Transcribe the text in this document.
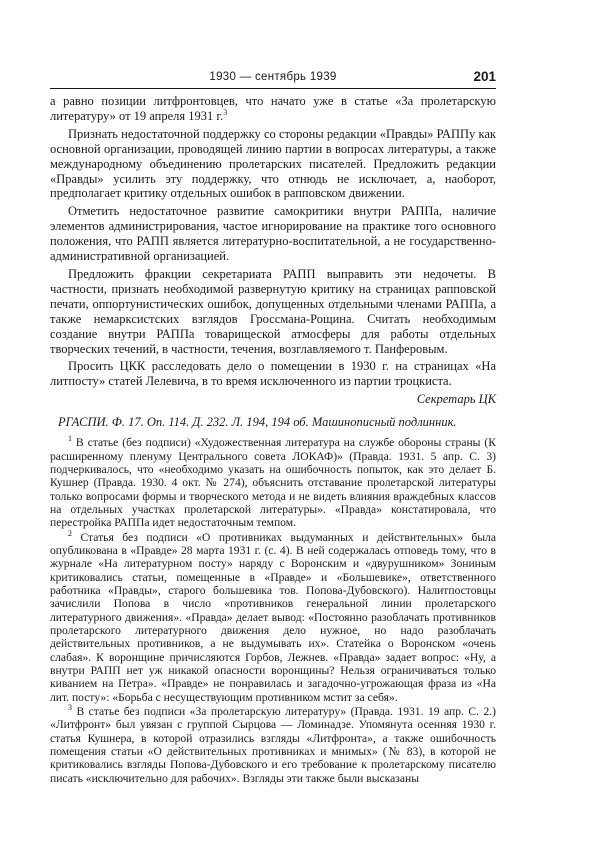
1930 — сентябрь 1939	201

а равно позиции литфронтовцев, что начато уже в статье «За пролетарскую литературу» от 19 апреля 1931 г.$^3$

Признать недостаточной поддержку со стороны редакции «Правды» РАППу как основной организации, проводящей линию партии в вопросах литературы, а также международному объединению пролетарских писателей. Предложить редакции «Правды» усилить эту поддержку, что отнюдь не исключает, а, наоборот, предполагает критику отдельных ошибок в рапповском движении.

Отметить недостаточное развитие самокритики внутри РАППа, наличие элементов администрирования, частое игнорирование на практике того основного положения, что РАПП является литературно-воспитательной, а не государственно-административной организацией.

Предложить фракции секретариата РАПП выправить эти недочеты. В частности, признать необходимой развернутую критику на страницах рапповской печати, оппортунистических ошибок, допущенных отдельными членами РАППа, а также немарксистских взглядов Гроссмана-Рощина. Считать необходимым создание внутри РАППа товарищеской атмосферы для работы отдельных творческих течений, в частности, течения, возглавляемого т. Панферовым.

Просить ЦКК расследовать дело о помещении в 1930 г. на страницах «На литпосту» статей Лелевича, в то время исключенного из партии троцкиста.

Секретарь ЦК

РГАСПИ. Ф. 17. Оп. 114. Д. 232. Л. 194, 194 об. Машинописный подлинник.

$^1$ В статье (без подписи) «Художественная литература на службе обороны страны (К расширенному пленуму Центрального совета ЛОКАФ)» (Правда. 1931. 5 апр. С. 3) подчеркивалось, что «необходимо указать на ошибочность попыток, как это делает Б. Кушнер (Правда. 1930. 4 окт. № 274), объяснить отставание пролетарской литературы только вопросами формы и творческого метода и не видеть влияния враждебных классов на отдельных участках пролетарской литературы». «Правда» констатировала, что перестройка РАППа идет недостаточным темпом.

$^2$ Статья без подписи «О противниках выдуманных и действительных» была опубликована в «Правде» 28 марта 1931 г. (с. 4). В ней содержалась отповедь тому, что в журнале «На литературном посту» наряду с Воронским и «двурушником» Зониным критиковались статьи, помещенные в «Правде» и «Большевике», ответственного работника «Правды», старого большевика тов. Попова-Дубовского). Налитпостовцы зачислили Попова в число «противников генеральной линии пролетарского литературного движения». «Правда» делает вывод: «Постоянно разоблачать противников пролетарского литературного движения дело нужное, но надо разоблачать действительных противников, а не выдумывать их». Статейка о Воронском «очень слабая». К воронщине причисляются Горбов, Лежнев. «Правда» задает вопрос: «Ну, а внутри РАПП нет уж никакой опасности воронщины? Нельзя ограничиваться только киванием на Петра». «Правде» не понравилась и загадочно-угрожающая фраза из «На лит. посту»: «Борьба с несуществующим противником мстит за себя».

$^3$ В статье без подписи «За пролетарскую литературу» (Правда. 1931. 19 апр. С. 2.) «Литфронт» был увязан с группой Сырцова — Ломинадзе. Упомянута осенняя 1930 г. статья Кушнера, в которой отразились взгляды «Литфронта», а также ошибочность помещения статьи «О действительных противниках и мнимых» (№ 83), в которой не критиковались взгляды Попова-Дубовского и его требование к пролетарскому писателю писать «исключительно для рабочих». Взгляды эти также были высказаны
